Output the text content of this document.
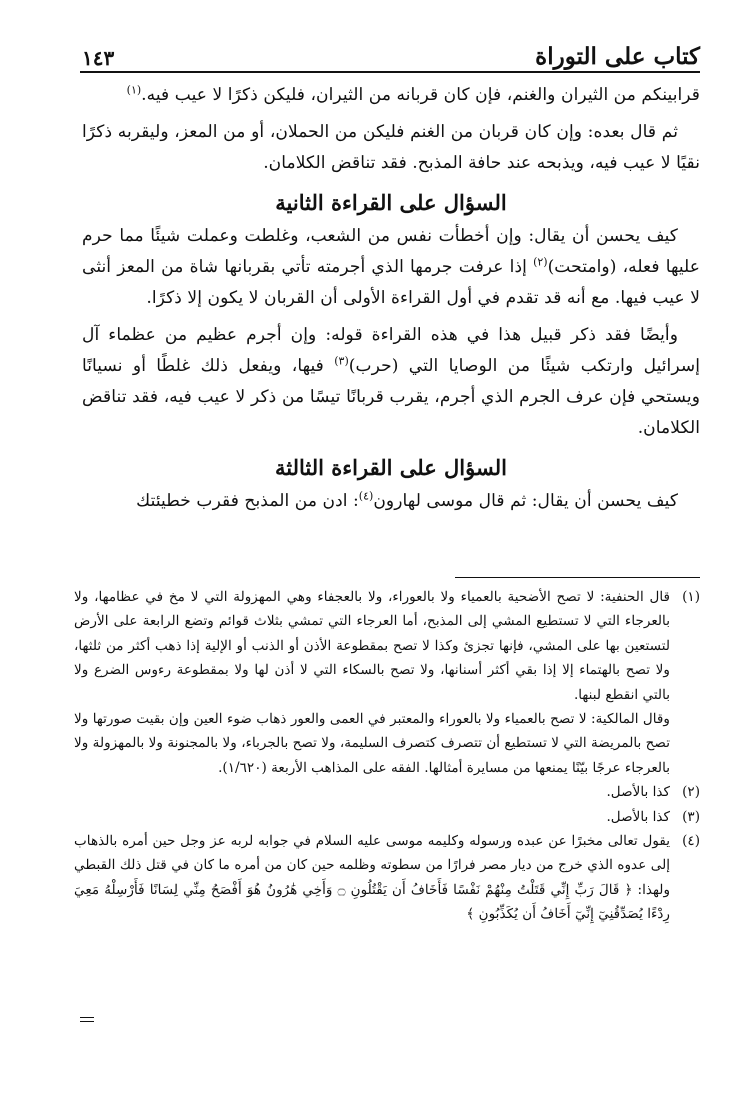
كتاب على التوراة
١٤٣

قرابينكم من الثيران والغنم، فإن كان قربانه من الثيران، فليكن ذكرًا لا عيب فيه.$^{(١)}$

ثم قال بعده: وإن كان قربان من الغنم فليكن من الحملان، أو من المعز، وليقربه ذكرًا نقيًا لا عيب فيه، ويذبحه عند حافة المذبح. فقد تناقض الكلامان.

السؤال على القراءة الثانية

كيف يحسن أن يقال: وإن أخطأت نفس من الشعب، وغلطت وعملت شيئًا مما حرم عليها فعله، (وامتحت)$^{(٢)}$ إذا عرفت جرمها الذي أجرمته تأتي بقربانها شاة من المعز أنثى لا عيب فيها. مع أنه قد تقدم في أول القراءة الأولى أن القربان لا يكون إلا ذكرًا.

وأيضًا فقد ذكر قبيل هذا في هذه القراءة قوله: وإن أجرم عظيم من عظماء آل إسرائيل وارتكب شيئًا من الوصايا التي (حرب)$^{(٣)}$ فيها، ويفعل ذلك غلطًا أو نسيانًا ويستحي فإن عرف الجرم الذي أجرم، يقرب قربانًا تيسًا من ذكر لا عيب فيه، فقد تناقض الكلامان.

السؤال على القراءة الثالثة

كيف يحسن أن يقال: ثم قال موسى لهارون$^{(٤)}$: ادن من المذبح فقرب خطيئتك

(١)

قال الحنفية: لا تصح الأضحية بالعمياء ولا بالعوراء، ولا بالعجفاء وهي المهزولة التي لا مخ في عظامها، ولا بالعرجاء التي لا تستطيع المشي إلى المذبح، أما العرجاء التي تمشي بثلاث قوائم وتضع الرابعة على الأرض لتستعين بها على المشي، فإنها تجزئ وكذا لا تصح بمقطوعة الأذن أو الذنب أو الإلية إذا ذهب أكثر من ثلثها، ولا تصح بالهتماء إلا إذا بقي أكثر أسنانها، ولا تصح بالسكاء التي لا أذن لها ولا بمقطوعة رءوس الضرع ولا بالتي انقطع لبنها.

وقال المالكية: لا تصح بالعمياء ولا بالعوراء والمعتبر في العمى والعور ذهاب ضوء العين وإن بقيت صورتها ولا تصح بالمريضة التي لا تستطيع أن تتصرف كتصرف السليمة، ولا تصح بالجرباء، ولا بالمجنونة ولا بالمهزولة ولا بالعرجاء عرجًا بيّنًا يمنعها من مسايرة أمثالها. الفقه على المذاهب الأربعة (١/٦٢٠).

(٢)

كذا بالأصل.

(٣)

كذا بالأصل.

(٤)

يقول تعالى مخبرًا عن عبده ورسوله وكليمه موسى عليه السلام في جوابه لربه عز وجل حين أمره بالذهاب إلى عدوه الذي خرج من ديار مصر فرارًا من سطوته وظلمه حين كان من أمره ما كان في قتل ذلك القبطي ولهذا: ﴿ قَالَ رَبِّ إِنِّي قَتَلْتُ مِنْهُمْ نَفْسًا فَأَخَافُ أَن يَقْتُلُونِ ۝ وَأَخِي هَٰرُونُ هُوَ أَفْصَحُ مِنِّي لِسَانًا فَأَرْسِلْهُ مَعِيَ رِدْءًا يُصَدِّقُنِيٓ إِنِّيٓ أَخَافُ أَن يُكَذِّبُونِ ﴾
